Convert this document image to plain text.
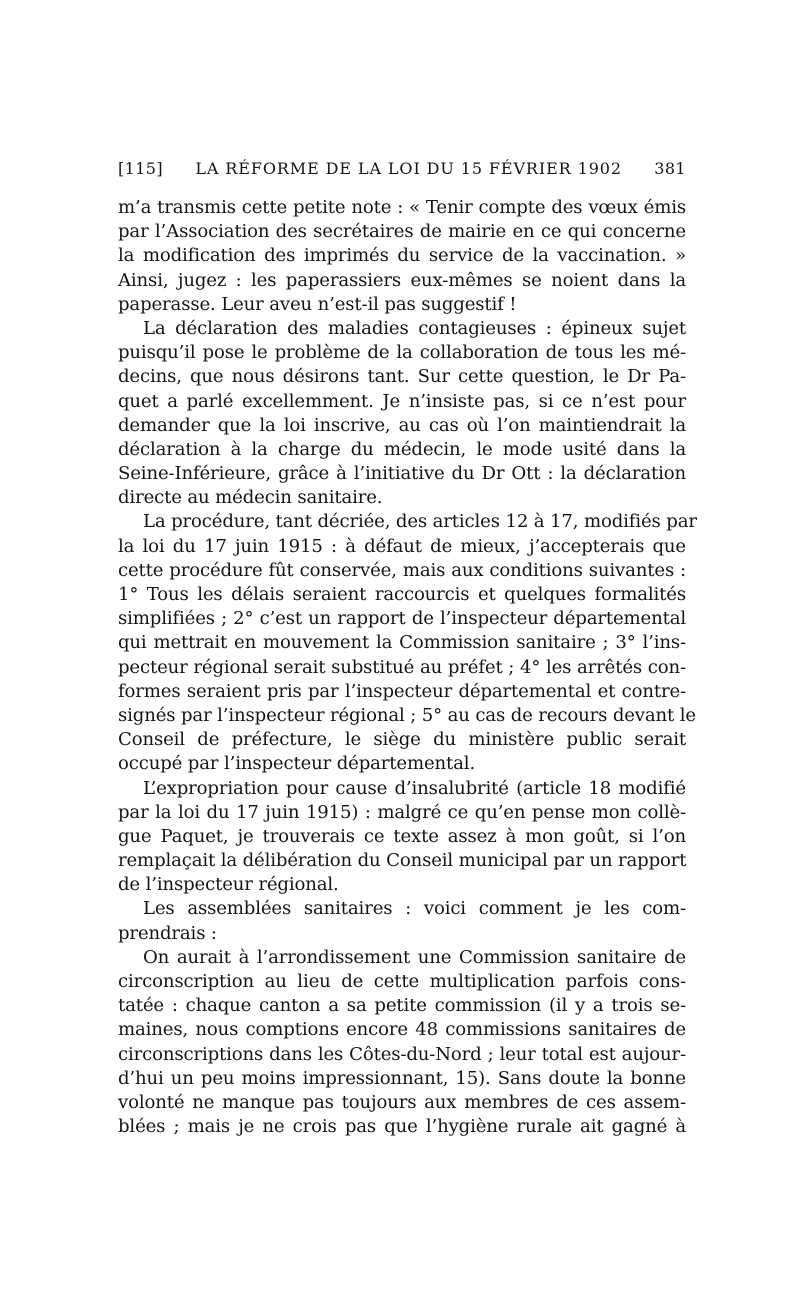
[115] LA RÉFORME DE LA LOI DU 15 FÉVRIER 1902 381
m’a transmis cette petite note : « Tenir compte des vœux émis
par l’Association des secrétaires de mairie en ce qui concerne
la modification des imprimés du service de la vaccination. »
Ainsi, jugez : les paperassiers eux-mêmes se noient dans la
paperasse. Leur aveu n’est-il pas suggestif !
La déclaration des maladies contagieuses : épineux sujet
puisqu’il pose le problème de la collaboration de tous les mé-
decins, que nous désirons tant. Sur cette question, le Dr Pa-
quet a parlé excellemment. Je n’insiste pas, si ce n’est pour
demander que la loi inscrive, au cas où l’on maintiendrait la
déclaration à la charge du médecin, le mode usité dans la
Seine-Inférieure, grâce à l’initiative du Dr Ott : la déclaration
directe au médecin sanitaire.
La procédure, tant décriée, des articles 12 à 17, modifiés par
la loi du 17 juin 1915 : à défaut de mieux, j’accepterais que
cette procédure fût conservée, mais aux conditions suivantes :
1° Tous les délais seraient raccourcis et quelques formalités
simplifiées ; 2° c’est un rapport de l’inspecteur départemental
qui mettrait en mouvement la Commission sanitaire ; 3° l’ins-
pecteur régional serait substitué au préfet ; 4° les arrêtés con-
formes seraient pris par l’inspecteur départemental et contre-
signés par l’inspecteur régional ; 5° au cas de recours devant le
Conseil de préfecture, le siège du ministère public serait
occupé par l’inspecteur départemental.
L’expropriation pour cause d’insalubrité (article 18 modifié
par la loi du 17 juin 1915) : malgré ce qu’en pense mon collè-
gue Paquet, je trouverais ce texte assez à mon goût, si l’on
remplaçait la délibération du Conseil municipal par un rapport
de l’inspecteur régional.
Les assemblées sanitaires : voici comment je les com-
prendrais :
On aurait à l’arrondissement une Commission sanitaire de
circonscription au lieu de cette multiplication parfois cons-
tatée : chaque canton a sa petite commission (il y a trois se-
maines, nous comptions encore 48 commissions sanitaires de
circonscriptions dans les Côtes-du-Nord ; leur total est aujour-
d’hui un peu moins impressionnant, 15). Sans doute la bonne
volonté ne manque pas toujours aux membres de ces assem-
blées ; mais je ne crois pas que l’hygiène rurale ait gagné à
